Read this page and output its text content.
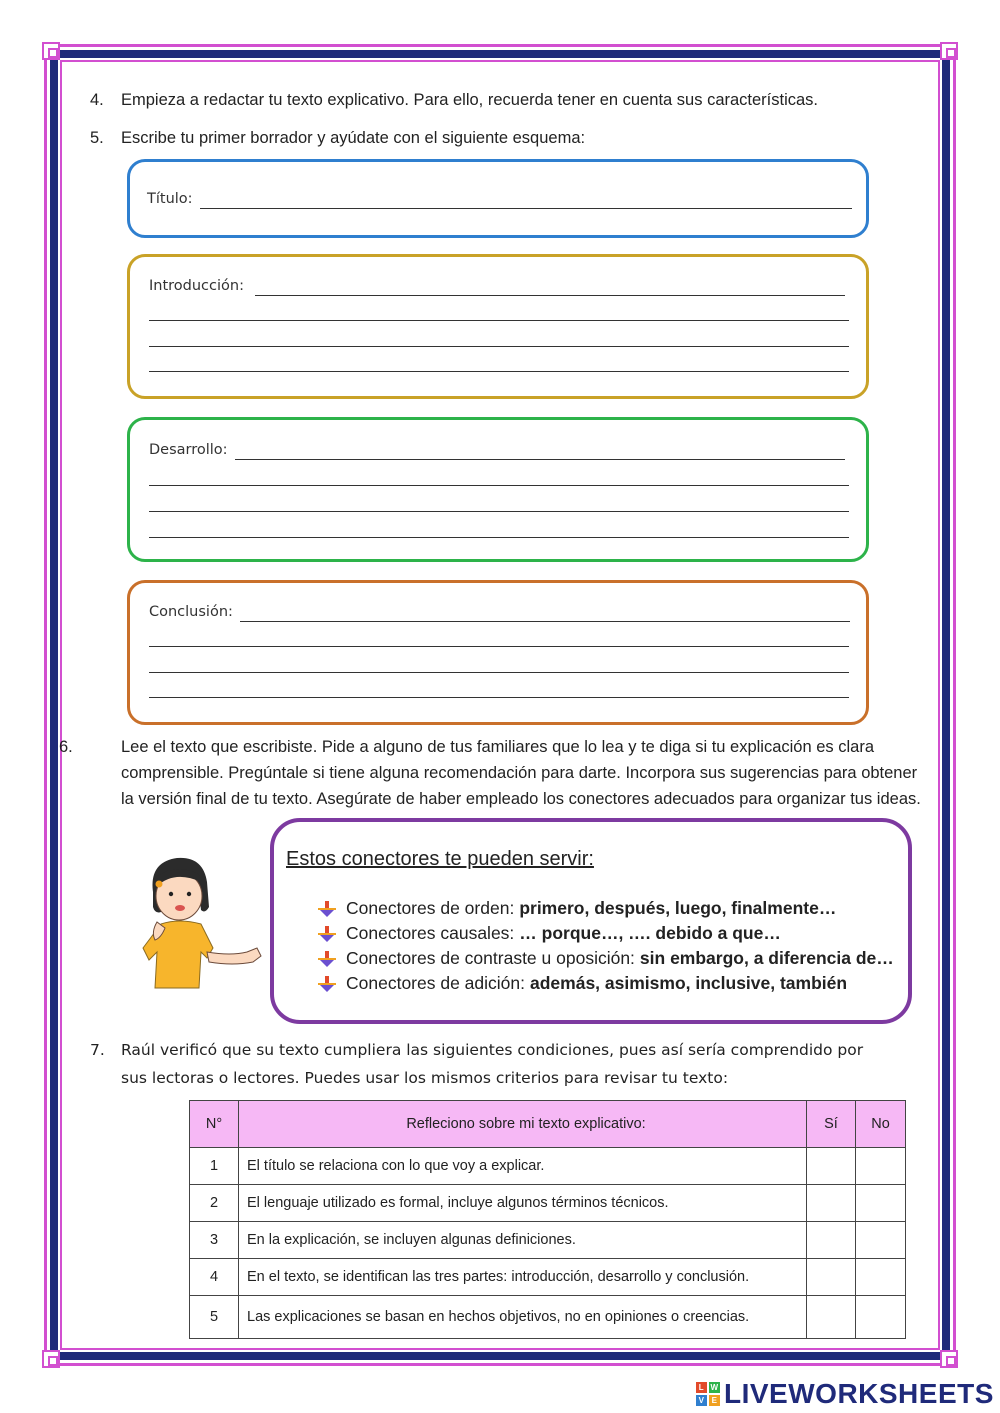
4. Empieza a redactar tu texto explicativo. Para ello, recuerda tener en cuenta sus características.
5. Escribe tu primer borrador y ayúdate con el siguiente esquema:
Título:
Introducción:
Desarrollo:
Conclusión:
6.	Lee el texto que escribiste. Pide a alguno de tus familiares que lo lea y te diga si tu explicación es clara
comprensible. Pregúntale si tiene alguna recomendación para darte. Incorpora sus sugerencias para obtener
la versión final de tu texto. Asegúrate de haber empleado los conectores adecuados para organizar tus ideas.
Estos conectores te pueden servir:
Conectores de orden: primero, después, luego, finalmente…
Conectores causales: … porque…, …. debido a que…
Conectores de contraste u oposición: sin embargo, a diferencia de…
Conectores de adición: además, asimismo, inclusive, también
7. Raúl verificó que su texto cumpliera las siguientes condiciones, pues así sería comprendido por
sus lectoras o lectores. Puedes usar los mismos criterios para revisar tu texto:
N°	Refleciono sobre mi texto explicativo:	Sí	No
1	El título se relaciona con lo que voy a explicar.		
2	El lenguaje utilizado es formal, incluye algunos términos técnicos.		
3	En la explicación, se incluyen algunas definiciones.		
4	En el texto, se identifican las tres partes: introducción, desarrollo y conclusión.		
5	Las explicaciones se basan en hechos objetivos, no en opiniones o creencias.		
L W
V E LIVEWORKSHEETS
